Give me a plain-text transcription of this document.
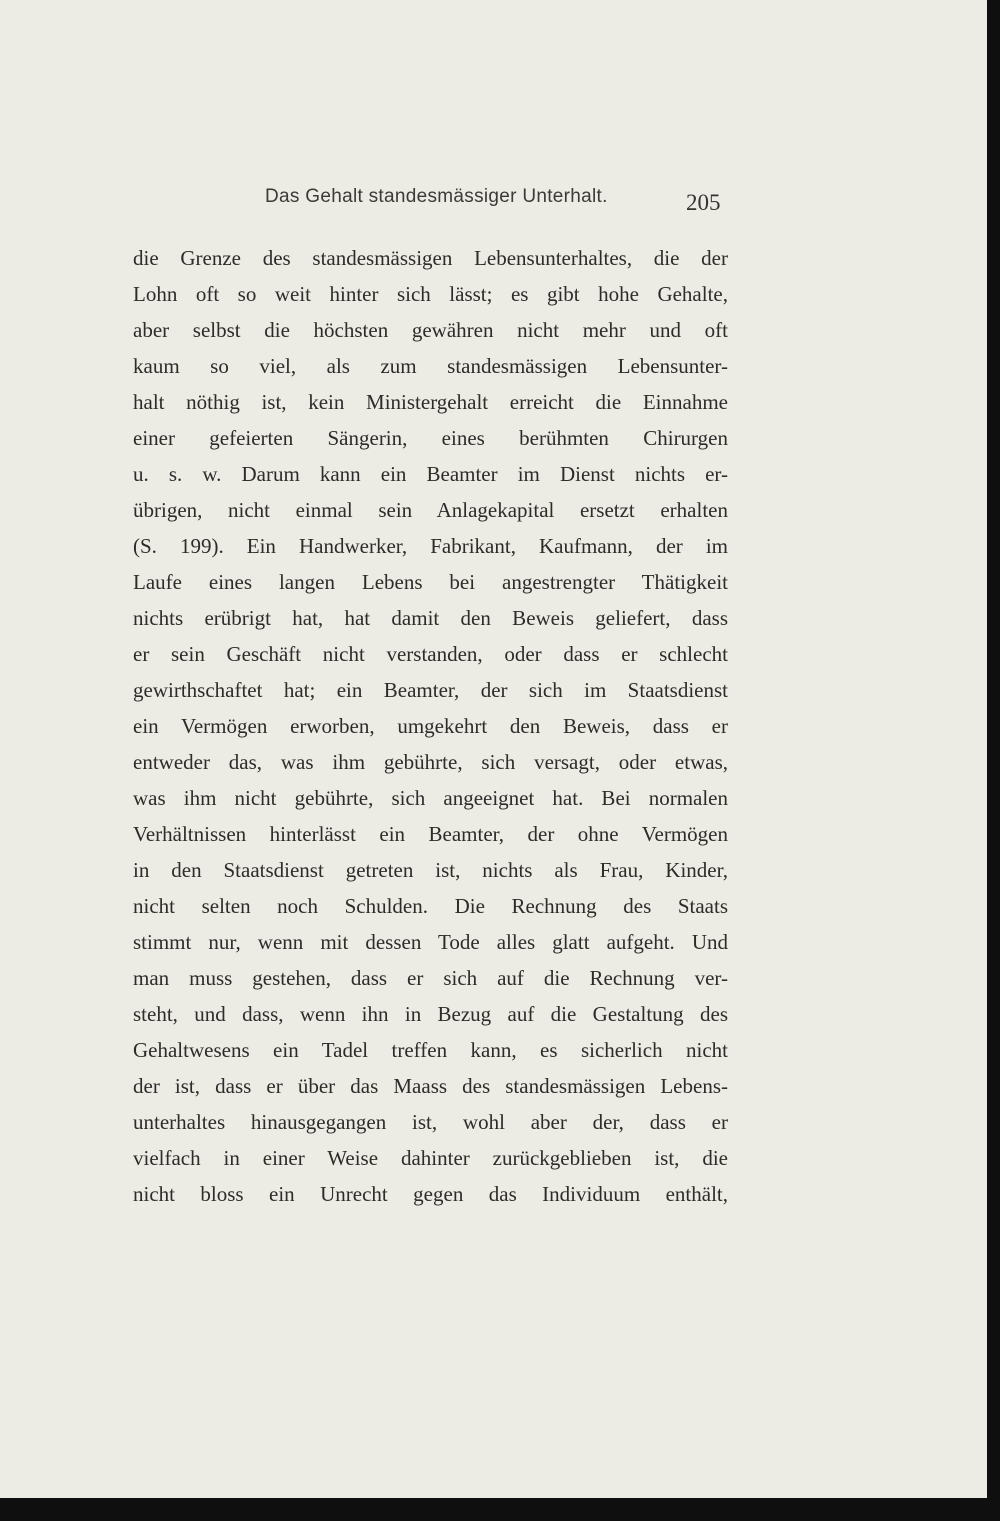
Das Gehalt standesmässiger Unterhalt.	205
die Grenze des standesmässigen Lebensunterhaltes, die der
Lohn oft so weit hinter sich lässt; es gibt hohe Gehalte,
aber selbst die höchsten gewähren nicht mehr und oft
kaum so viel, als zum standesmässigen Lebensunter-
halt nöthig ist, kein Ministergehalt erreicht die Einnahme
einer gefeierten Sängerin, eines berühmten Chirurgen
u. s. w. Darum kann ein Beamter im Dienst nichts er-
übrigen, nicht einmal sein Anlagekapital ersetzt erhalten
(S. 199). Ein Handwerker, Fabrikant, Kaufmann, der im
Laufe eines langen Lebens bei angestrengter Thätigkeit
nichts erübrigt hat, hat damit den Beweis geliefert, dass
er sein Geschäft nicht verstanden, oder dass er schlecht
gewirthschaftet hat; ein Beamter, der sich im Staatsdienst
ein Vermögen erworben, umgekehrt den Beweis, dass er
entweder das, was ihm gebührte, sich versagt, oder etwas,
was ihm nicht gebührte, sich angeeignet hat. Bei normalen
Verhältnissen hinterlässt ein Beamter, der ohne Vermögen
in den Staatsdienst getreten ist, nichts als Frau, Kinder,
nicht selten noch Schulden. Die Rechnung des Staats
stimmt nur, wenn mit dessen Tode alles glatt aufgeht. Und
man muss gestehen, dass er sich auf die Rechnung ver-
steht, und dass, wenn ihn in Bezug auf die Gestaltung des
Gehaltwesens ein Tadel treffen kann, es sicherlich nicht
der ist, dass er über das Maass des standesmässigen Lebens-
unterhaltes hinausgegangen ist, wohl aber der, dass er
vielfach in einer Weise dahinter zurückgeblieben ist, die
nicht bloss ein Unrecht gegen das Individuum enthält,
